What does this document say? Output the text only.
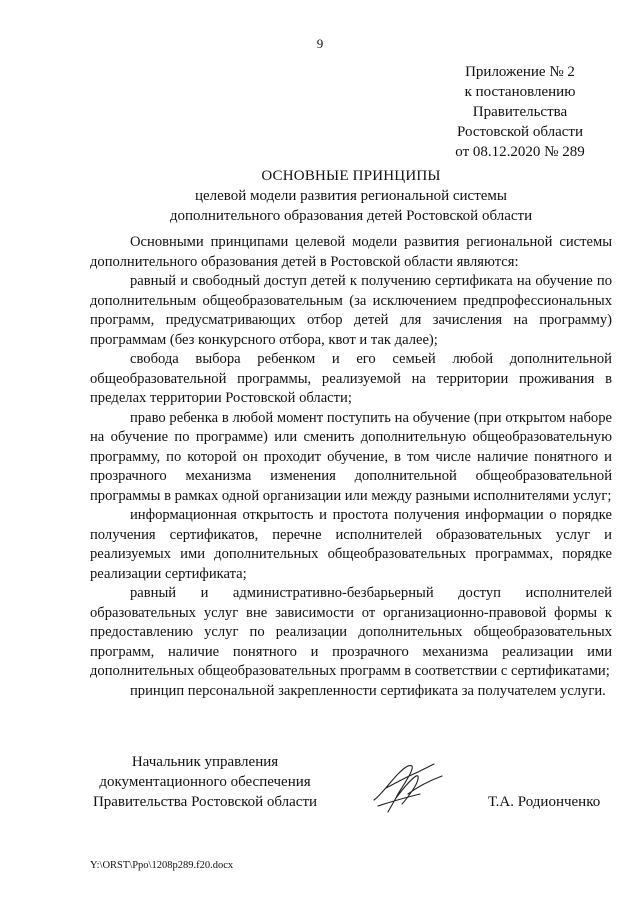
9
Приложение № 2
к постановлению
Правительства
Ростовской области
от 08.12.2020 № 289
ОСНОВНЫЕ ПРИНЦИПЫ
целевой модели развития региональной системы
дополнительного образования детей Ростовской области

Основными принципами целевой модели развития региональной системы дополнительного образования детей в Ростовской области являются:

равный и свободный доступ детей к получению сертификата на обучение по дополнительным общеобразовательным (за исключением предпрофессиональных программ, предусматривающих отбор детей для зачисления на программу) программам (без конкурсного отбора, квот и так далее);

свобода выбора ребенком и его семьей любой дополнительной общеобразовательной программы, реализуемой на территории проживания в пределах территории Ростовской области;

право ребенка в любой момент поступить на обучение (при открытом наборе на обучение по программе) или сменить дополнительную общеобразовательную программу, по которой он проходит обучение, в том числе наличие понятного и прозрачного механизма изменения дополнительной общеобразовательной программы в рамках одной организации или между разными исполнителями услуг;

информационная открытость и простота получения информации о порядке получения сертификатов, перечне исполнителей образовательных услуг и реализуемых ими дополнительных общеобразовательных программах, порядке реализации сертификата;

равный и административно-безбарьерный доступ исполнителей образовательных услуг вне зависимости от организационно-правовой формы к предоставлению услуг по реализации дополнительных общеобразовательных программ, наличие понятного и прозрачного механизма реализации ими дополнительных общеобразовательных программ в соответствии с сертификатами;

принцип персональной закрепленности сертификата за получателем услуги.

Начальник управления
документационного обеспечения
Правительства Ростовской области	Т.А. Родионченко
Y:\ORST\Ppo\1208p289.f20.docx
